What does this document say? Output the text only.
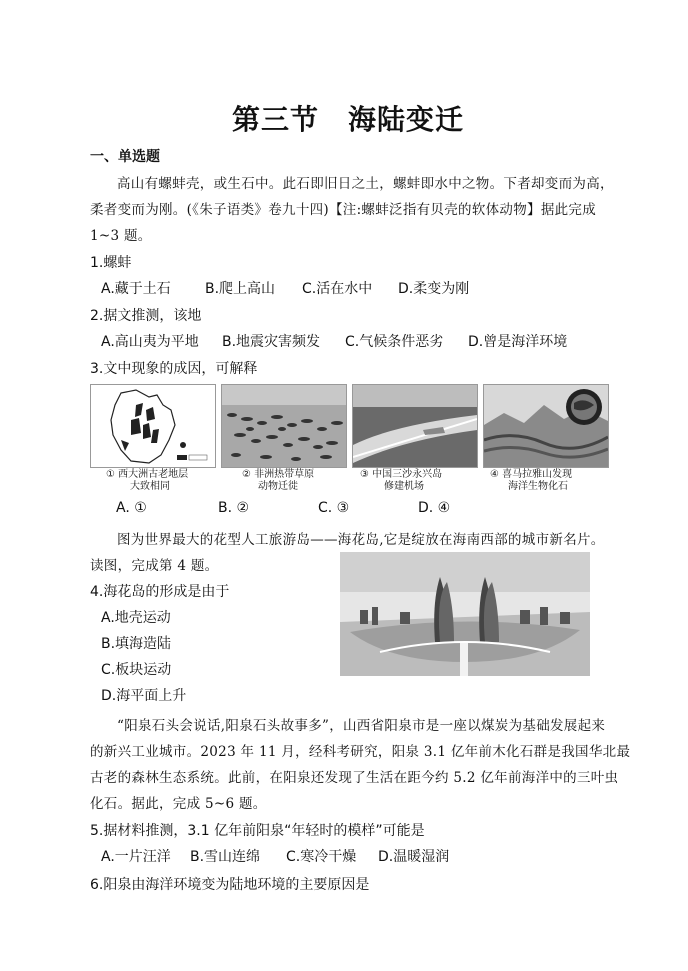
第三节　海陆变迁
一、单选题
高山有螺蚌壳，或生石中。此石即旧日之土，螺蚌即水中之物。下者却变而为高，
柔者变而为刚。(《朱子语类》卷九十四)【注:螺蚌泛指有贝壳的软体动物】据此完成
1~3 题。
1.螺蚌
A.藏于土石 B.爬上高山 C.活在水中 D.柔变为刚
2.据文推测，该地
A.高山夷为平地 B.地震灾害频发 C.气候条件恶劣 D.曾是海洋环境
3.文中现象的成因，可解释
① 西大洲古老地层
大致相同
② 非洲热带草原
动物迁徙
③ 中国三沙永兴岛
修建机场
④ 喜马拉雅山发现
海洋生物化石
A. ①	B. ②	C. ③	D. ④
图为世界最大的花型人工旅游岛——海花岛,它是绽放在海南西部的城市新名片。
读图，完成第 4 题。
4.海花岛的形成是由于
A.地壳运动
B.填海造陆
C.板块运动
D.海平面上升
“阳泉石头会说话,阳泉石头故事多”，山西省阳泉市是一座以煤炭为基础发展起来
的新兴工业城市。2023 年 11 月，经科考研究，阳泉 3.1 亿年前木化石群是我国华北最
古老的森林生态系统。此前，在阳泉还发现了生活在距今约 5.2 亿年前海洋中的三叶虫
化石。据此，完成 5~6 题。
5.据材料推测，3.1 亿年前阳泉“年轻时的模样”可能是
A.一片汪洋 B.雪山连绵 C.寒冷干燥 D.温暖湿润
6.阳泉由海洋环境变为陆地环境的主要原因是
